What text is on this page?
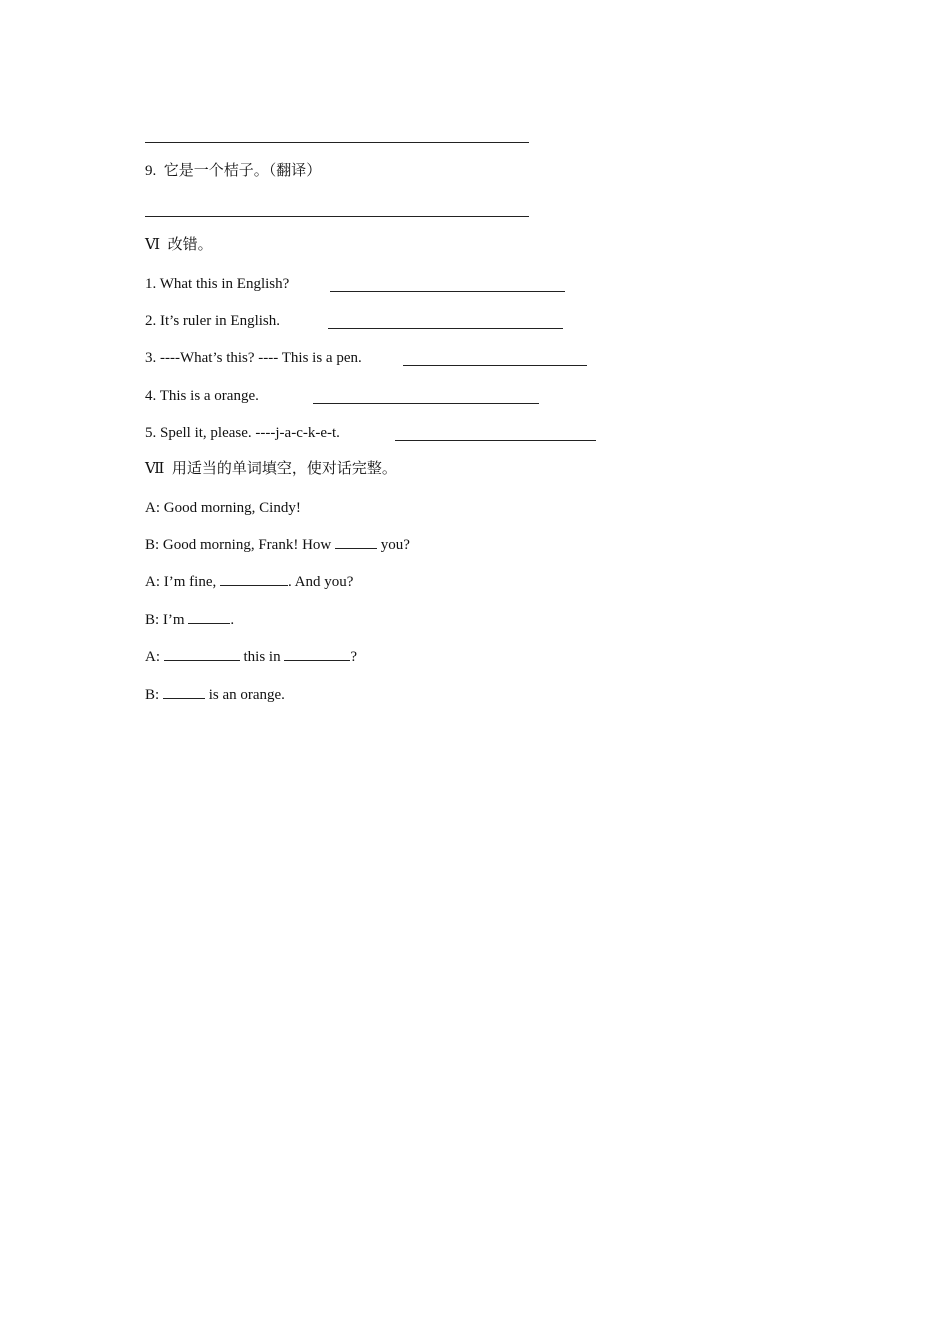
9.  它是一个桔子。（翻译）
Ⅵ  改错。
1. What this in English?
2. It’s ruler in English.
3. ----What’s this? ---- This is a pen.
4. This is a orange.
5. Spell it, please. ----j-a-c-k-e-t.
Ⅶ  用适当的单词填空，使对话完整。
A: Good morning, Cindy!
B: Good morning, Frank! How	you?
A: I’m fine,	. And you?
B: I’m	.
A:	this in	?
B:	is an orange.
